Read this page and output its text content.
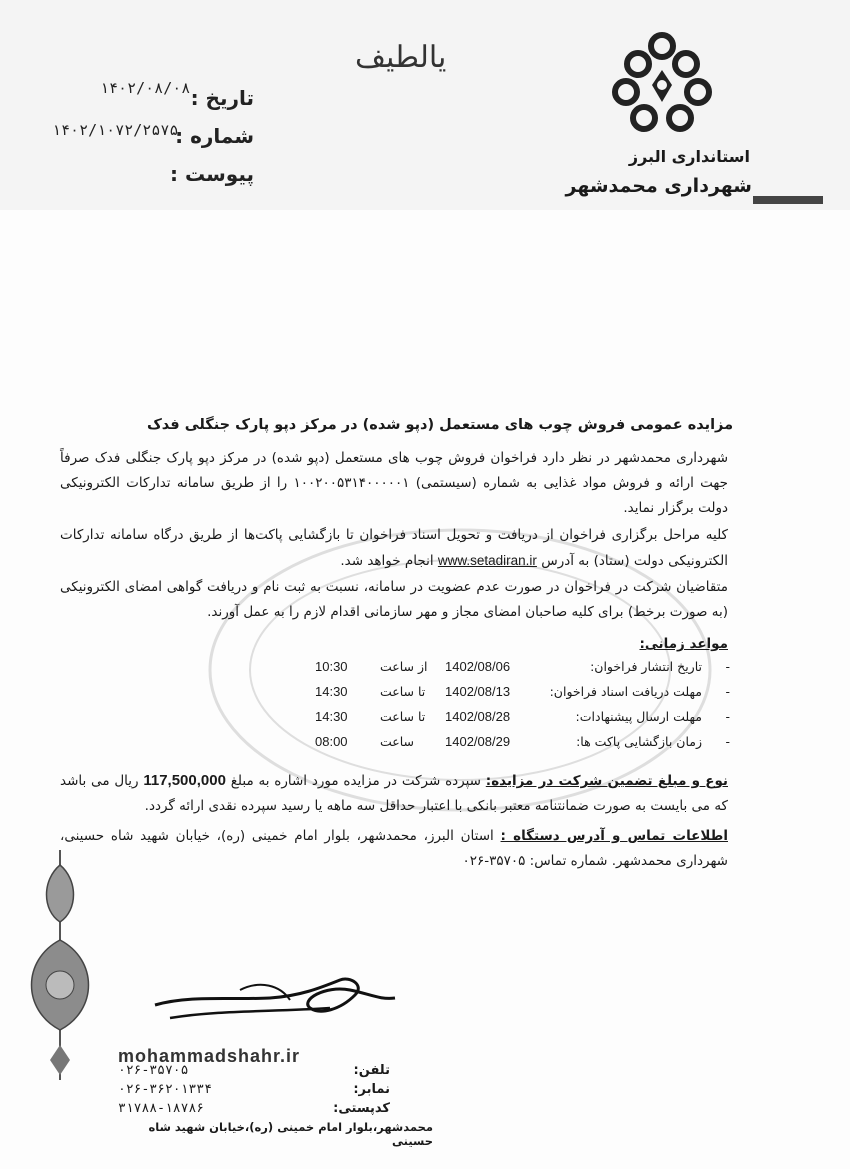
استانداری البرز
شهرداری محمدشهر
یالطیف
تاریخ :
۱۴۰۲/۰۸/۰۸
شماره :
۱۴۰۲/۱۰۷۲/۲۵۷۵
پیوست :
مزایده عمومی فروش چوب های مستعمل (دپو شده) در مرکز دپو پارک جنگلی فدک
شهرداری محمدشهر در نظر دارد فراخوان فروش چوب های مستعمل (دپو شده) در مرکز دپو پارک جنگلی فدک صرفاً جهت ارائه و فروش مواد غذایی به شماره (سیستمی) ۱۰۰۲۰۰۵۳۱۴۰۰۰۰۰۱ را از طریق سامانه تدارکات الکترونیکی دولت برگزار نماید.
کلیه مراحل برگزاری فراخوان از دریافت و تحویل اسناد فراخوان تا بازگشایی پاکت‌ها از طریق درگاه سامانه تدارکات الکترونیکی دولت (ستاد) به آدرس www.setadiran.ir انجام خواهد شد.
متقاضیان شرکت در فراخوان در صورت عدم عضویت در سامانه، نسبت به ثبت نام و دریافت گواهی امضای الکترونیکی (به صورت برخط) برای کلیه صاحبان امضای مجاز و مهر سازمانی اقدام لازم را به عمل آورند.
مواعد زمانی:
-
تاریخ انتشار فراخوان:
1402/08/06
از ساعت
10:30
-
مهلت دریافت اسناد فراخوان:
1402/08/13
تا ساعت
14:30
-
مهلت ارسال پیشنهادات:
1402/08/28
تا ساعت
14:30
-
زمان بازگشایی پاکت ها:
1402/08/29
ساعت
08:00
نوع و مبلغ تضمین شرکت در مزایده: سپرده شرکت در مزایده مورد اشاره به مبلغ 117,500,000 ریال می باشد که می بایست به صورت ضمانتنامه معتبر بانکی با اعتبار حداقل سه ماهه یا رسید سپرده نقدی ارائه گردد.
اطلاعات تماس و آدرس دستگاه : استان البرز، محمدشهر، بلوار امام خمینی (ره)، خیابان شهید شاه حسینی، شهرداری محمدشهر. شماره تماس: ۳۵۷۰۵-۰۲۶
mohammadshahr.ir
۰۲۶-۳۵۷۰۵	تلفن:
۰۲۶-۳۶۲۰۱۳۳۴	نمابر:
۳۱۷۸۸-۱۸۷۸۶	کدپستی:
محمدشهر،بلوار امام خمینی (ره)،خیابان شهید شاه حسینی
